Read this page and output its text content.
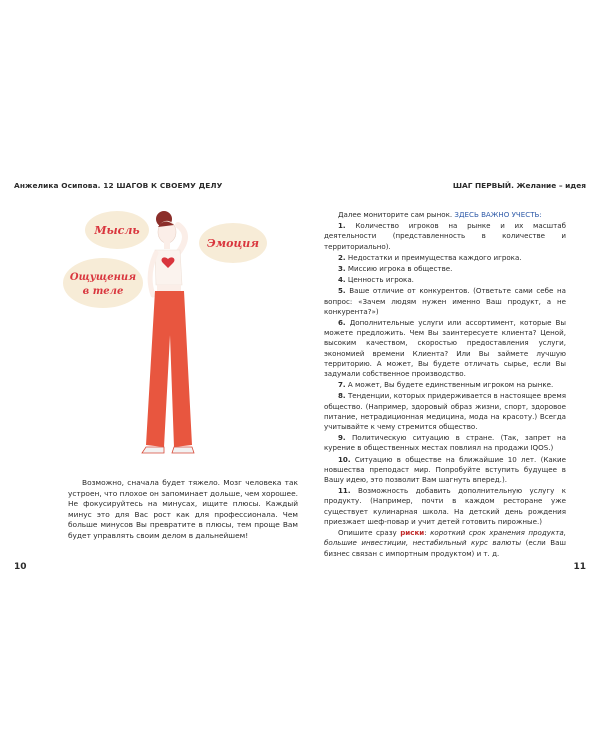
Анжелика Осипова. 12 ШАГОВ К СВОЕМУ ДЕЛУ	ШАГ ПЕРВЫЙ. Желание – идея
Мысль
Эмоция
Ощущения
в теле

Возможно, сначала будет тяжело. Мозг человека так устроен, что плохое он запоминает дольше, чем хорошее. Не фокусируйтесь на минусах, ищите плюсы. Каждый минус это для Вас рост как для профессионала. Чем больше минусов Вы превратите в плюсы, тем проще Вам будет управлять своим делом в дальнейшем!

10

Далее мониторите сам рынок. ЗДЕСЬ ВАЖНО УЧЕСТЬ:

1. Количество игроков на рынке и их масштаб деятельности (представленность в количестве и территориально).

2. Недостатки и преимущества каждого игрока.

3. Миссию игрока в обществе.

4. Ценность игрока.

5. Ваше отличие от конкурентов. (Ответьте сами себе на вопрос: «Зачем людям нужен именно Ваш продукт, а не конкурента?»)

6. Дополнительные услуги или ассортимент, которые Вы можете предложить. Чем Вы заинтересуете клиента? Ценой, высоким качеством, скоростью предоставления услуги, экономией времени Клиента? Или Вы займете лучшую территорию. А может, Вы будете отличать сырье, если Вы задумали собственное производство.

7. А может, Вы будете единственным игроком на рынке.

8. Тенденции, которых придерживается в настоящее время общество. (Например, здоровый образ жизни, спорт, здоровое питание, нетрадиционная медицина, мода на красоту.) Всегда учитывайте к чему стремится общество.

9. Политическую ситуацию в стране. (Так, запрет на курение в общественных местах повлиял на продажи IQOS.)

10. Ситуацию в обществе на ближайшие 10 лет. (Какие новшества преподаст мир. Попробуйте вступить будущее в Вашу идею, это позволит Вам шагнуть вперед.).

11. Возможность добавить дополнительную услугу к продукту. (Например, почти в каждом ресторане уже существует кулинарная школа. На детский день рождения приезжает шеф-повар и учит детей готовить пирожные.)

Опишите сразу риски: короткий срок хранения продукта, большие инвестиции, нестабильный курс валюты (если Ваш бизнес связан с импортным продуктом) и т. д.

11
